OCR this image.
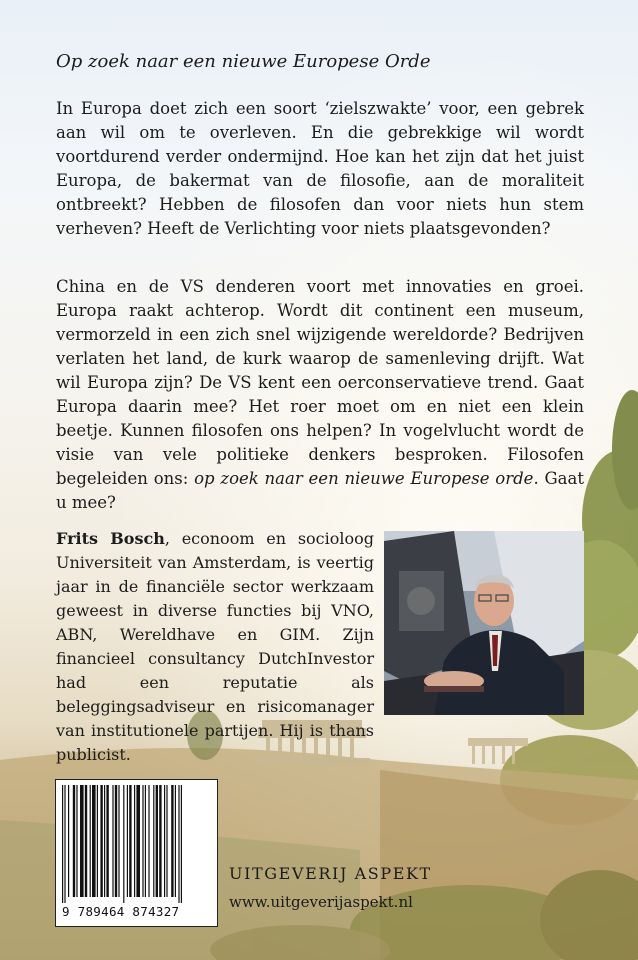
Op zoek naar een nieuwe Europese Orde

In Europa doet zich een soort ‘zielszwakte’ voor, een gebrek aan wil om te overleven. En die gebrekkige wil wordt voortdurend verder ondermijnd. Hoe kan het zijn dat het juist Europa, de bakermat van de filosofie, aan de moraliteit ontbreekt? Hebben de filosofen dan voor niets hun stem verheven? Heeft de Verlichting voor niets plaatsgevonden?

China en de VS denderen voort met innovaties en groei. Europa raakt achterop. Wordt dit continent een museum, vermorzeld in een zich snel wijzigende wereldorde? Bedrijven verlaten het land, de kurk waarop de samenleving drijft. Wat wil Europa zijn? De VS kent een oerconservatieve trend. Gaat Europa daarin mee? Het roer moet om en niet een klein beetje. Kunnen filosofen ons helpen? In vogelvlucht wordt de visie van vele politieke denkers besproken. Filosofen begeleiden ons: op zoek naar een nieuwe Europese orde. Gaat u mee?

Frits Bosch, econoom en socioloog Universiteit van Amsterdam, is veertig jaar in de financiële sector werkzaam geweest in diverse functies bij VNO, ABN, Wereldhave en GIM. Zijn financieel consultancy DutchInvestor had een reputatie als beleggingsadviseur en risicomanager van institutionele partijen. Hij is thans publicist.

9 789464 874327
UITGEVERIJ ASPEKT
www.uitgeverijaspekt.nl
